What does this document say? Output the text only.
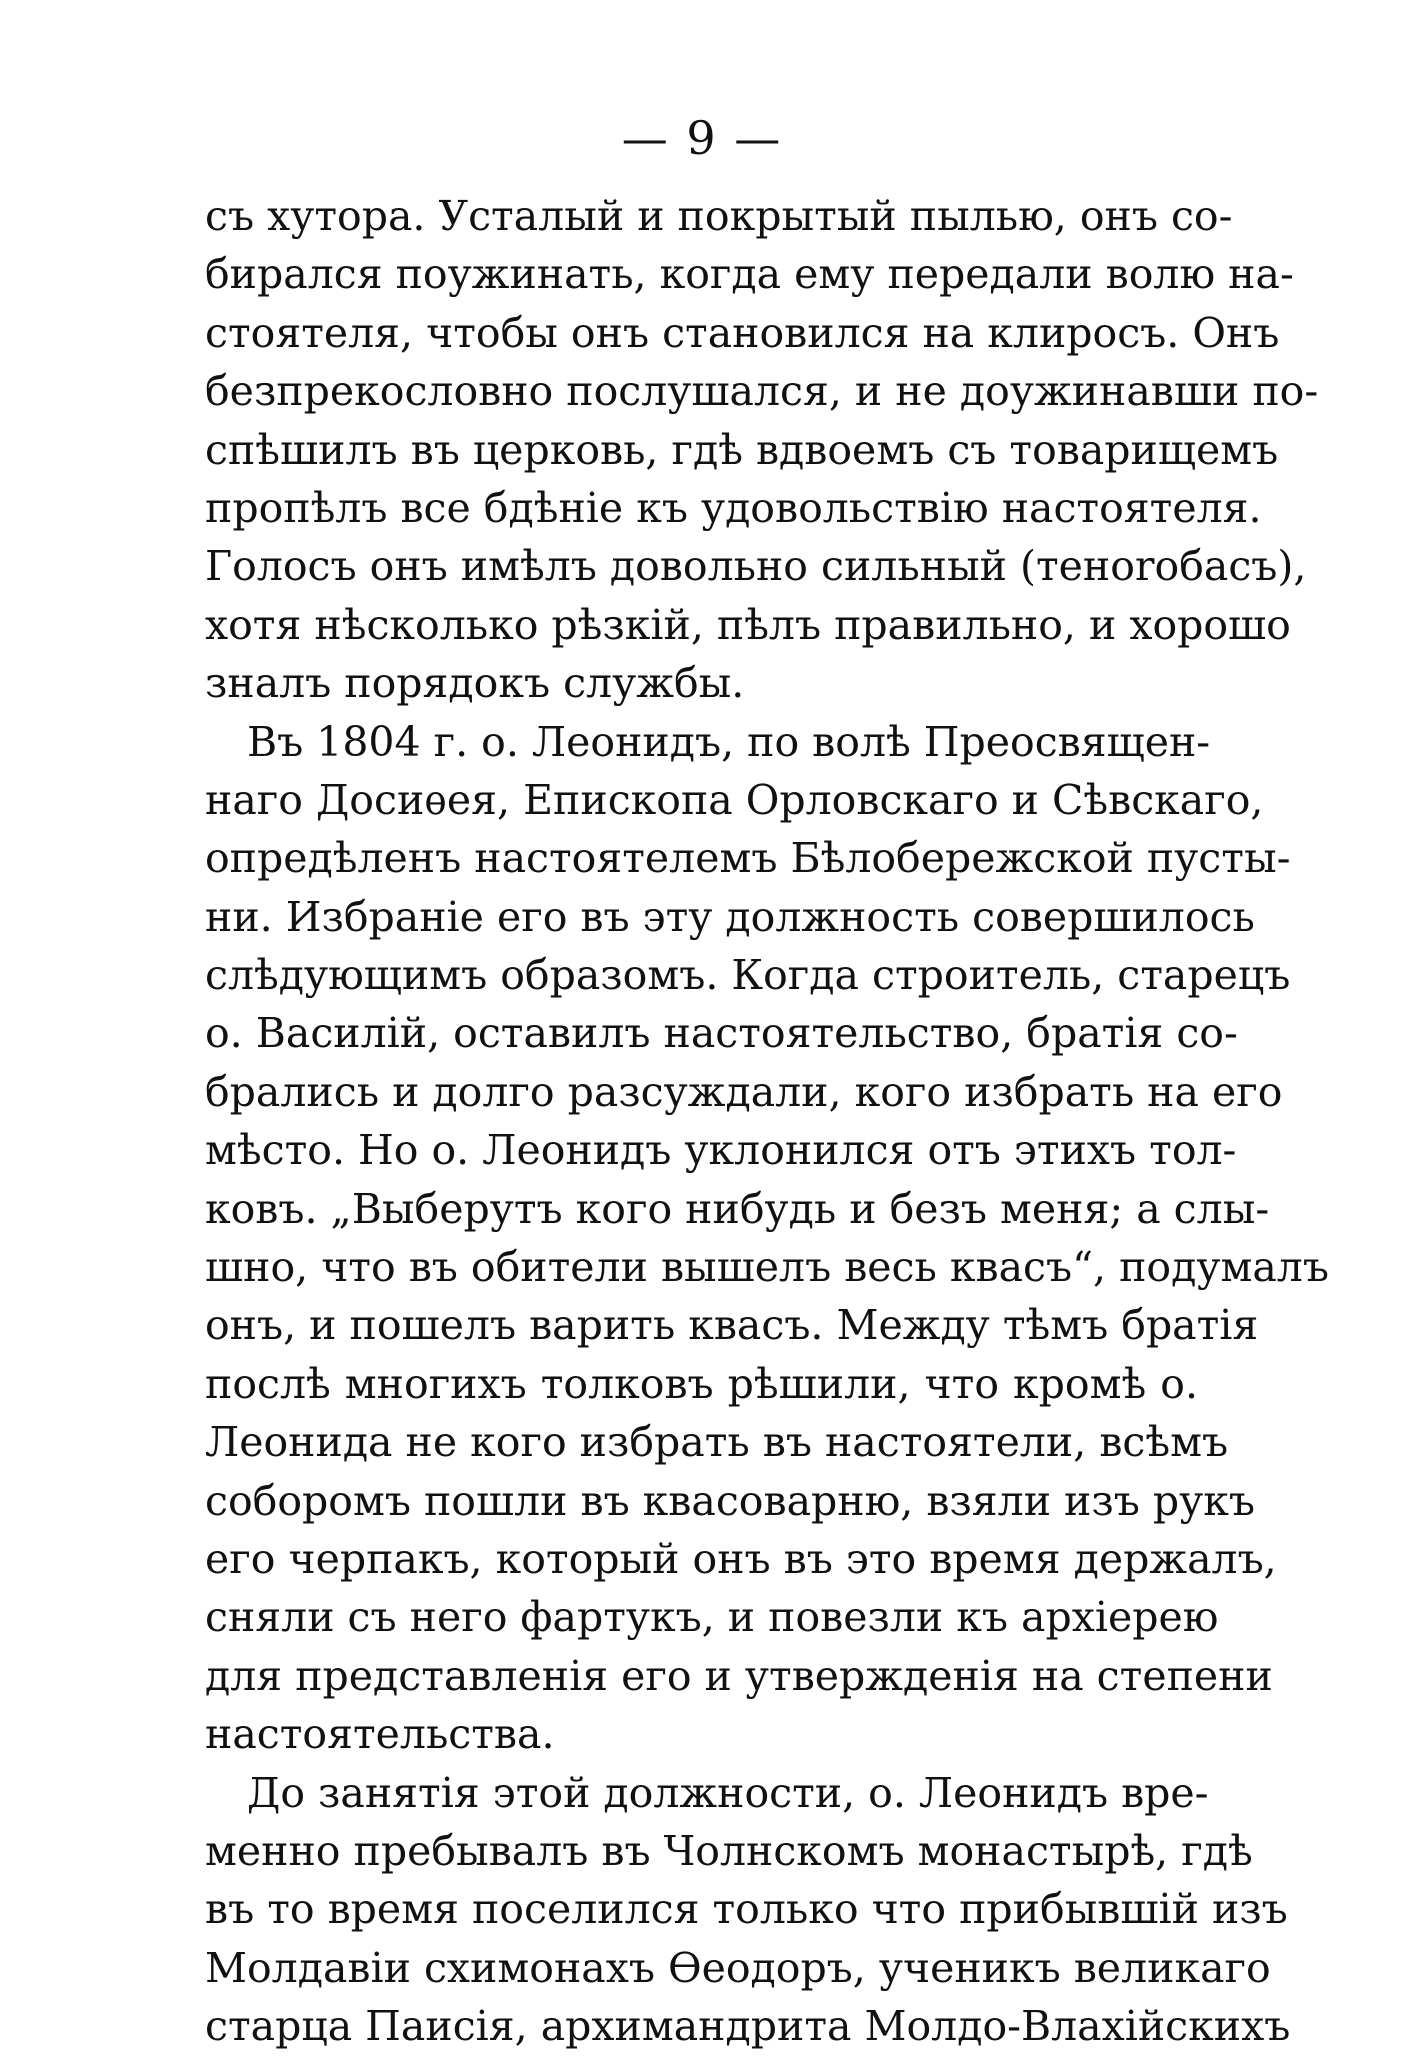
— 9 —
съ хутора. Усталый и покрытый пылью, онъ со-
бирался поужинать, когда ему передали волю на-
стоятеля, чтобы онъ становился на клиросъ. Онъ
безпрекословно послушался, и не доужинавши по-
спѣшилъ въ церковь, гдѣ вдвоемъ съ товарищемъ
пропѣлъ все бдѣніе къ удовольствію настоятеля.
Голосъ онъ имѣлъ довольно сильный (тенorобасъ),
хотя нѣсколько рѣзкій, пѣлъ правильно, и хорошо
зналъ порядокъ службы.
Въ 1804 г. о. Леонидъ, по волѣ Преосвящен-
наго Досиѳея, Епископа Орловскаго и Сѣвскаго,
опредѣленъ настоятелемъ Бѣлоберeжской пусты-
ни. Избраніе его въ эту должность совершилось
слѣдующимъ образомъ. Когда строитель, старецъ
о. Василій, оставилъ настоятельство, братія со-
брались и долго разсуждали, кого избрать на его
мѣсто. Но о. Леонидъ уклонился отъ этихъ тол-
ковъ. „Выберутъ кого нибудь и безъ меня; а слы-
шно, что въ обители вышелъ весь квасъ“, подумалъ
онъ, и пошелъ варить квасъ. Между тѣмъ братія
послѣ многихъ толковъ рѣшили, что кромѣ о.
Леонида не кого избрать въ настоятели, всѣмъ
соборомъ пошли въ квасоварню, взяли изъ рукъ
его черпакъ, который онъ въ это время держалъ,
сняли съ него фартукъ, и повезли къ архіерею
для представленія его и утвержденія на степени
настоятельства.
До занятія этой должности, о. Леонидъ вре-
менно пребывалъ въ Чолнскомъ монастырѣ, гдѣ
въ то время поселился только что прибывшій изъ
Молдавіи схимонахъ Ѳеодоръ, ученикъ великаго
старца Паисія, архимандрита Молдо-Влахійскихъ
